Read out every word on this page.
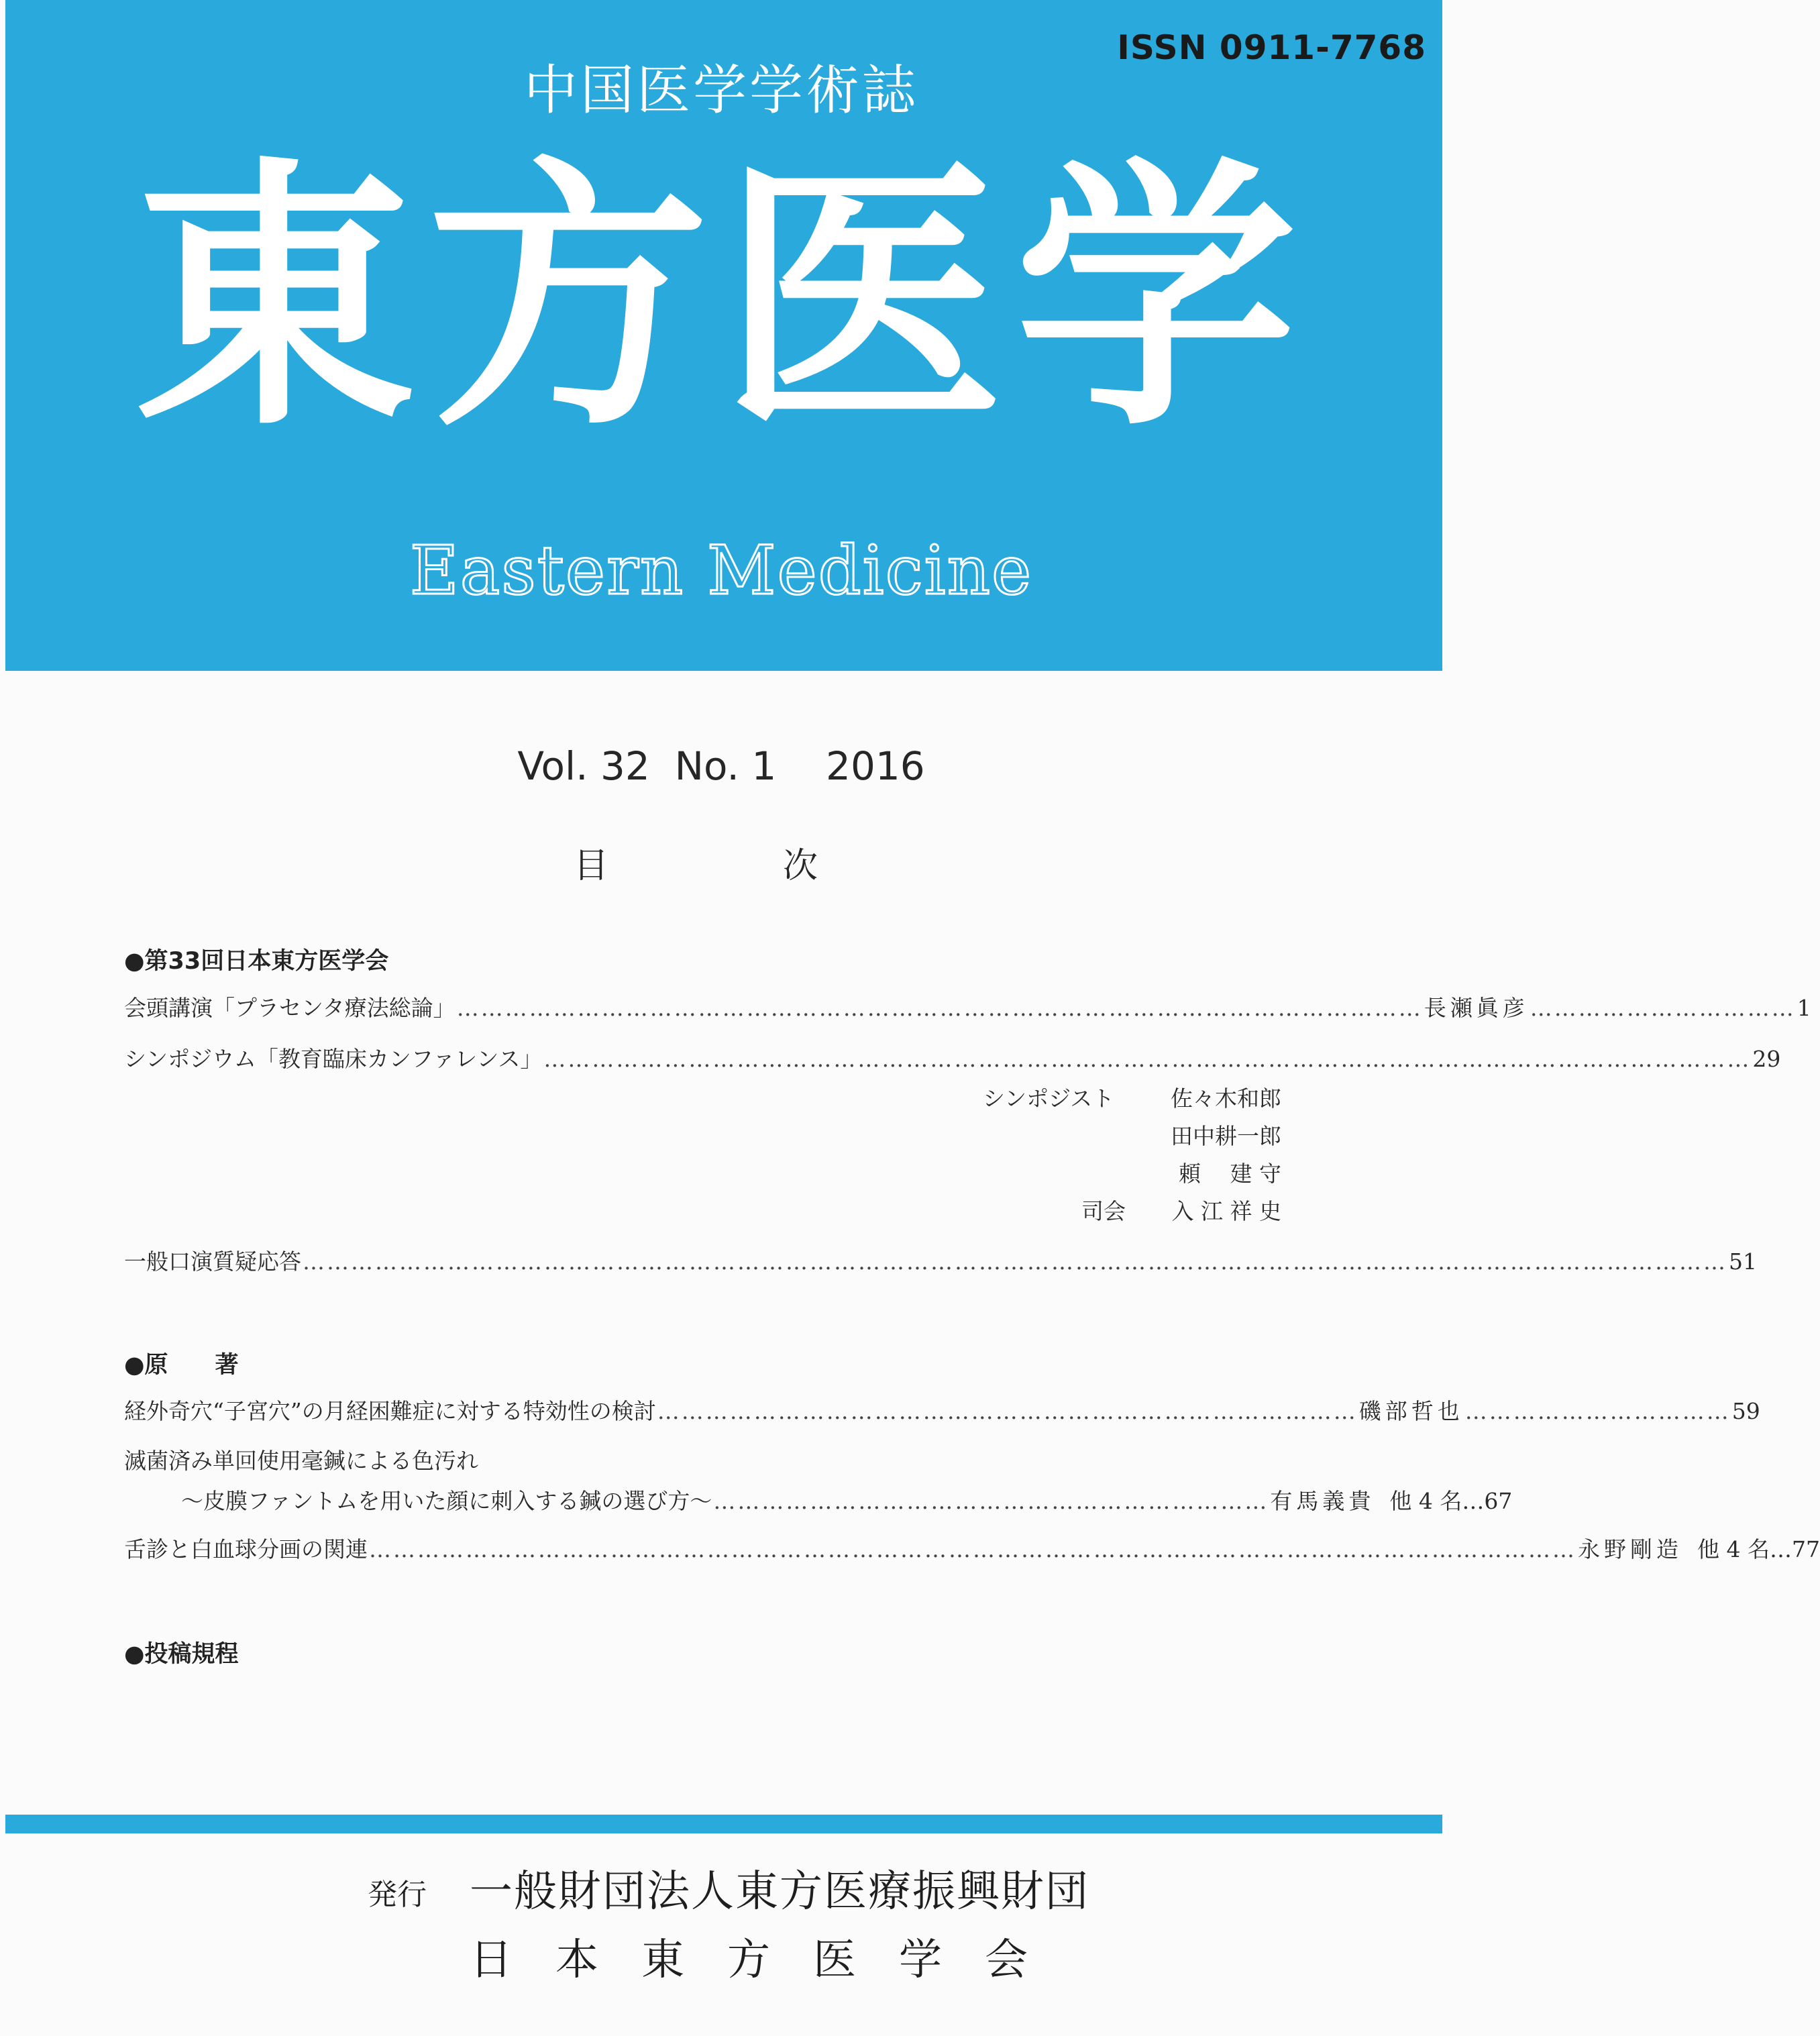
ISSN 0911-7768
中国医学学術誌
東方医学
Eastern Medicine
Vol. 32  No. 1    2016
目　　　　　次
●第33回日本東方医学会
会頭講演「プラセンタ療法総論」 ………………………………………………………………………………………………………… 長瀬眞彦 …………………………… 1
シンポジウム「教育臨床カンファレンス」 …………………………………………………………………………………………………………………………………… 29
シンポジスト	佐々木和郎
田中耕一郎
頼　 建 守
司会 入 江 祥 史
一般口演質疑応答 …………………………………………………………………………………………………………………………………………………………… 51
●原　　著
経外奇穴“子宮穴”の月経困難症に対する特効性の検討 …………………………………………………………………………… 磯部哲也 …………………………… 59
滅菌済み単回使用毫鍼による色汚れ
〜皮膜ファントムを用いた顔に刺入する鍼の選び方〜 …………………………………………………………… 有馬義貴 他 4 名 … 67
舌診と白血球分画の関連 …………………………………………………………………………………………………………………………………… 永野剛造 他 4 名 … 77
●投稿規程
発行 一般財団法人東方医療振興財団
日　本　東　方　医　学　会
